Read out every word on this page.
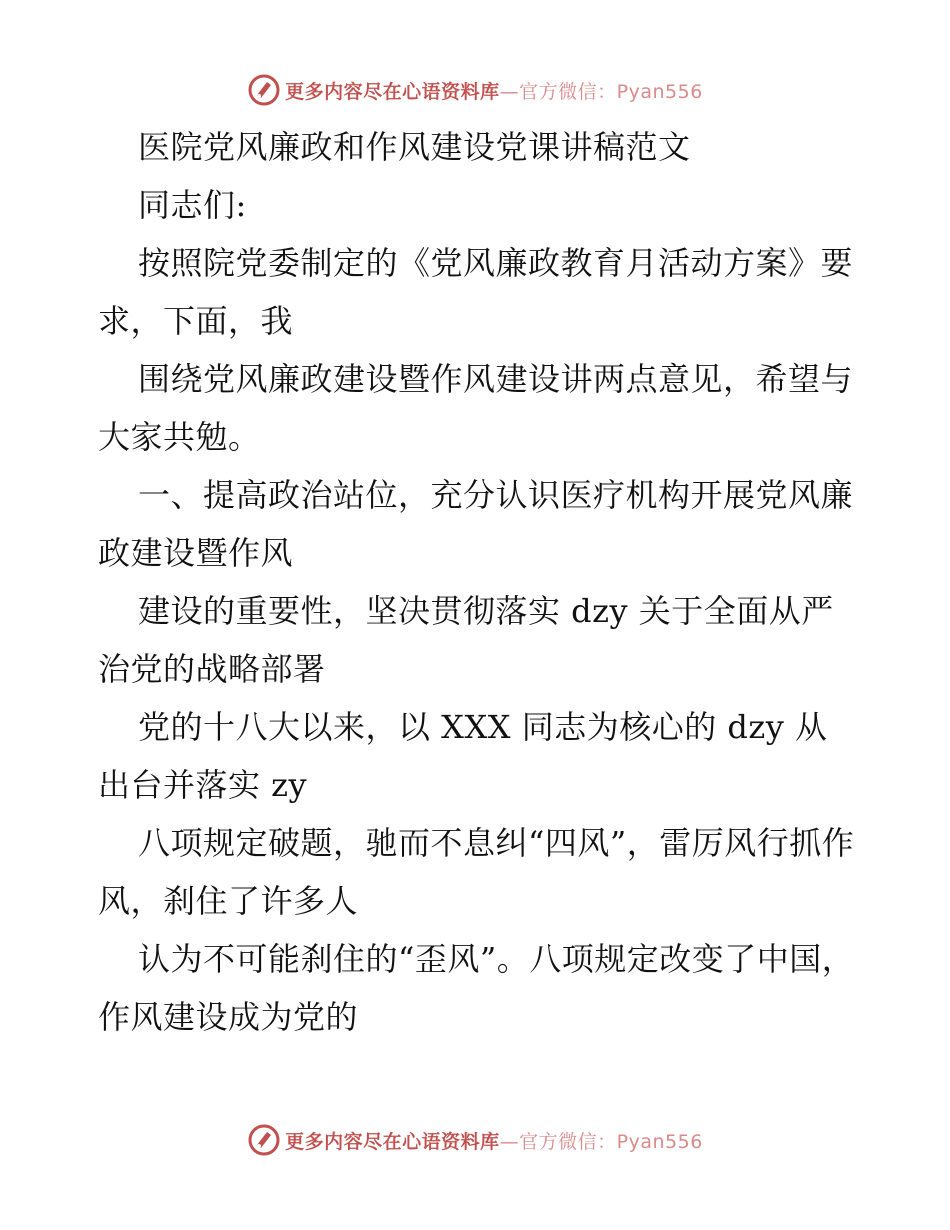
更多内容尽在心语资料库—官方微信：Pyan556

医院党风廉政和作风建设党课讲稿范文

同志们:

按照院党委制定的《党风廉政教育月活动方案》要求，下面，我

围绕党风廉政建设暨作风建设讲两点意见，希望与大家共勉。

一、提高政治站位，充分认识医疗机构开展党风廉政建设暨作风

建设的重要性，坚决贯彻落实 dzy 关于全面从严治党的战略部署

党的十八大以来，以 XXX 同志为核心的 dzy 从出台并落实 zy

八项规定破题，驰而不息纠“四风”，雷厉风行抓作风，刹住了许多人

认为不可能刹住的“歪风”。八项规定改变了中国，作风建设成为党的

更多内容尽在心语资料库—官方微信：Pyan556
